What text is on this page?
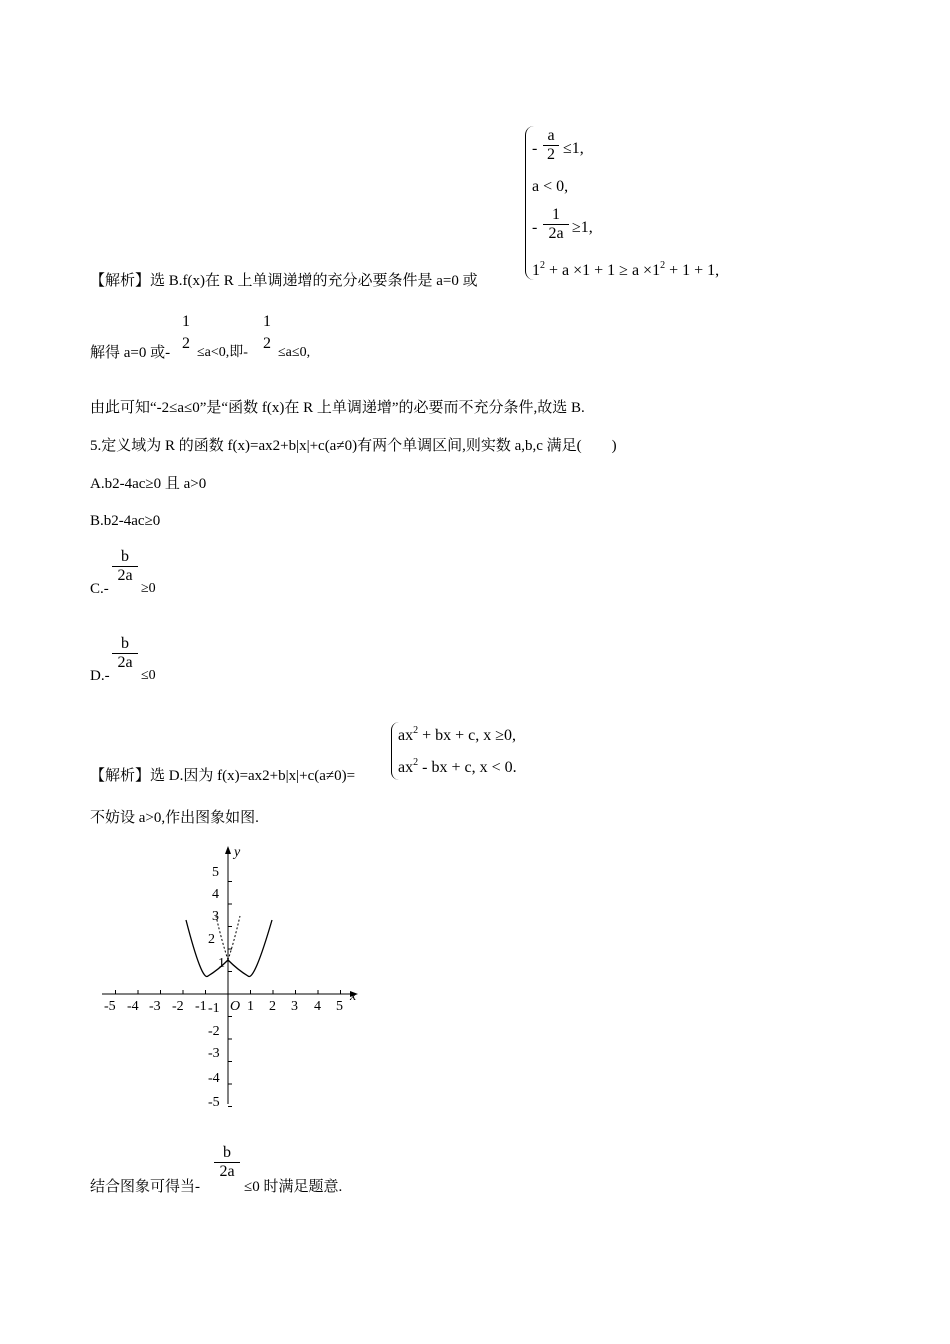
-
a
2 ≤1,
a < 0,
-
1
2a ≥1,
$1^2 + a \times 1 + 1 \ge a \times 1^2 + 1 + 1$,
【解析】选 B.f(x)在 R 上单调递增的充分必要条件是 a=0 或
解得 a=0 或-
1
2
≤a<0,即-
1
2
≤a≤0,
由此可知“-2≤a≤0”是“函数 f(x)在 R 上单调递增”的必要而不充分条件,故选 B.
5.定义域为 R 的函数 f(x)=ax2+b|x|+c(a≠0)有两个单调区间,则实数 a,b,c 满足(　　)
A.b2-4ac≥0 且 a>0
B.b2-4ac≥0
C.-
b
2a
≥0
D.-
b
2a
≤0
$ax^2$ + bx + c, x ≥0,
$ax^2$ - bx + c, x < 0.
【解析】选 D.因为 f(x)=ax2+b|x|+c(a≠0)=
不妨设 a>0,作出图象如图.
-5 -4 -3 -2 -1	1 2 3 4 5
O
x
y
5
4
3
2
1
-1
-2
-3
-4
-5
结合图象可得当-
b
2a
≤0 时满足题意.
